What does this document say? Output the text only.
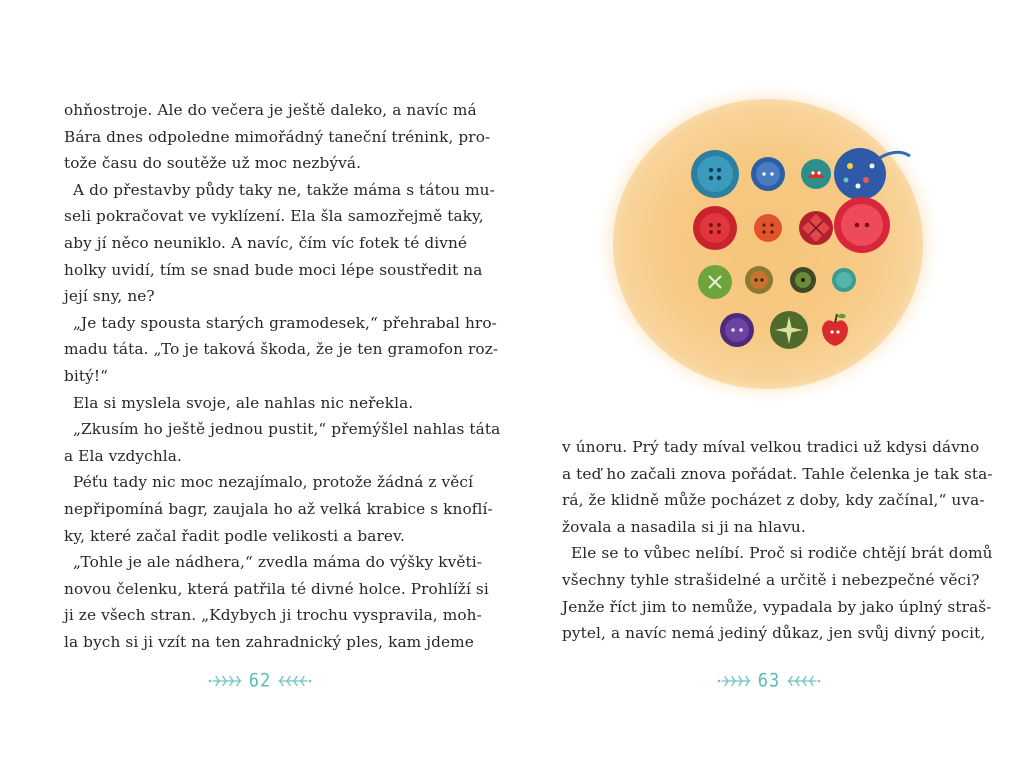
ohňostroje. Ale do večera je ještě daleko, a navíc má
Bára dnes odpoledne mimořádný taneční trénink, pro-
tože času do soutěže už moc nezbývá.
A do přestavby půdy taky ne, takže máma s tátou mu-
seli pokračovat ve vyklízení. Ela šla samozřejmě taky,
aby jí něco neuniklo. A navíc, čím víc fotek té divné
holky uvidí, tím se snad bude moci lépe soustředit na
její sny, ne?
„Je tady spousta starých gramodesek,“ přehrabal hro-
madu táta. „To je taková škoda, že je ten gramofon roz-
bitý!“
Ela si myslela svoje, ale nahlas nic neřekla.
„Zkusím ho ještě jednou pustit,“ přemýšlel nahlas táta
a Ela vzdychla.
Péťu tady nic moc nezajímalo, protože žádná z věcí
nepřipomíná bagr, zaujala ho až velká krabice s knoflí-
ky, které začal řadit podle velikosti a barev.
„Tohle je ale nádhera,“ zvedla máma do výšky květi-
novou čelenku, která patřila té divné holce. Prohlíží si
ji ze všech stran. „Kdybych ji trochu vyspravila, moh-
la bych si ji vzít na ten zahradnický ples, kam jdeme
62
v únoru. Prý tady míval velkou tradici už kdysi dávno
a teď ho začali znova pořádat. Tahle čelenka je tak sta-
rá, že klidně může pocházet z doby, kdy začínal,“ uva-
žovala a nasadila si ji na hlavu.
Ele se to vůbec nelíbí. Proč si rodiče chtějí brát domů
všechny tyhle strašidelné a určitě i nebezpečné věci?
Jenže říct jim to nemůže, vypadala by jako úplný straš-
pytel, a navíc nemá jediný důkaz, jen svůj divný pocit,
63
